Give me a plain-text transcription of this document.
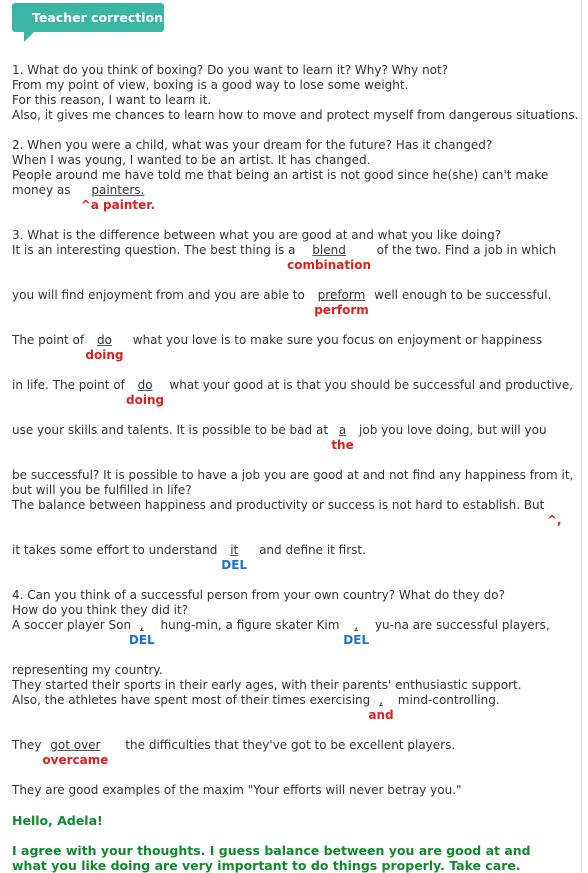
Teacher correction
1. What do you think of boxing? Do you want to learn it? Why? Why not?
From my point of view, boxing is a good way to lose some weight.
For this reason, I want to learn it.
Also, it gives me chances to learn how to move and protect myself from dangerous situations.
2. When you were a child, what was your dream for the future? Has it changed?
When I was young, I wanted to be an artist. It has changed.
People around me have told me that being an artist is not good since he(she) can't make
money as painters.
^a painter.
3. What is the difference between what you are good at and what you like doing?
It is an interesting question. The best thing is a blend
combination
of the two. Find a job in which
you will find enjoyment from and you are able to preform
perform
well enough to be successful.
The point of do
doing
what you love is to make sure you focus on enjoyment or happiness
in life. The point of do
doing
what your good at is that you should be successful and productive,
use your skills and talents. It is possible to be bad at a
the
job you love doing, but will you
be successful? It is possible to have a job you are good at and not find any happiness from it, but will you be fulfilled in life?
The balance between happiness and productivity or success is not hard to establish. But
^,
it takes some effort to understand it
DEL
and define it first.
4. Can you think of a successful person from your own country? What do they do?
How do you think they did it?
A soccer player Son ,
DEL
hung-min, a figure skater Kim ,
DEL
yu-na are successful players,
representing my country.
They started their sports in their early ages, with their parents' enthusiastic support.
Also, the athletes have spent most of their times exercising ,
and
mind-controlling.
They got over
overcame
the difficulties that they've got to be excellent players.
They are good examples of the maxim "Your efforts will never betray you."
Hello, Adela!
I agree with your thoughts. I guess balance between you are good at and what you like doing are very important to do things properly. Take care.
